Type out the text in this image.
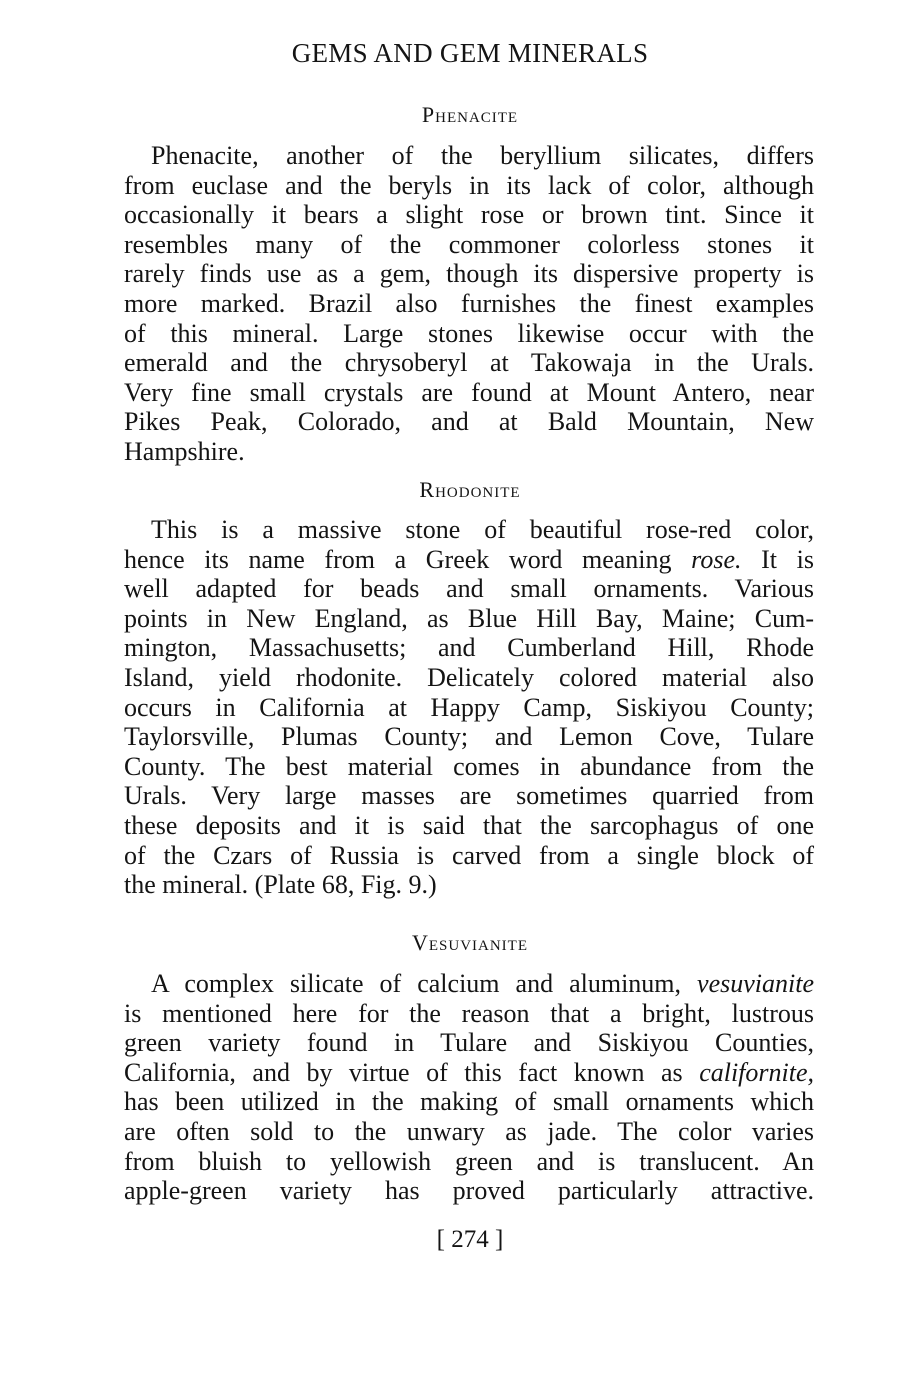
GEMS AND GEM MINERALS
Phenacite
Phenacite, another of the beryllium silicates, differs
from euclase and the beryls in its lack of color, although
occasionally it bears a slight rose or brown tint. Since it
resembles many of the commoner colorless stones it
rarely finds use as a gem, though its dispersive property is
more marked. Brazil also furnishes the finest examples
of this mineral. Large stones likewise occur with the
emerald and the chrysoberyl at Takowaja in the Urals.
Very fine small crystals are found at Mount Antero, near
Pikes Peak, Colorado, and at Bald Mountain, New
Hampshire.
Rhodonite
This is a massive stone of beautiful rose-red color,
hence its name from a Greek word meaning rose. It is
well adapted for beads and small ornaments. Various
points in New England, as Blue Hill Bay, Maine; Cum-
mington, Massachusetts; and Cumberland Hill, Rhode
Island, yield rhodonite. Delicately colored material also
occurs in California at Happy Camp, Siskiyou County;
Taylorsville, Plumas County; and Lemon Cove, Tulare
County. The best material comes in abundance from the
Urals. Very large masses are sometimes quarried from
these deposits and it is said that the sarcophagus of one
of the Czars of Russia is carved from a single block of
the mineral. (Plate 68, Fig. 9.)
Vesuvianite
A complex silicate of calcium and aluminum, vesuvianite
is mentioned here for the reason that a bright, lustrous
green variety found in Tulare and Siskiyou Counties,
California, and by virtue of this fact known as californite,
has been utilized in the making of small ornaments which
are often sold to the unwary as jade. The color varies
from bluish to yellowish green and is translucent. An
apple-green variety has proved particularly attractive.
[ 274 ]
